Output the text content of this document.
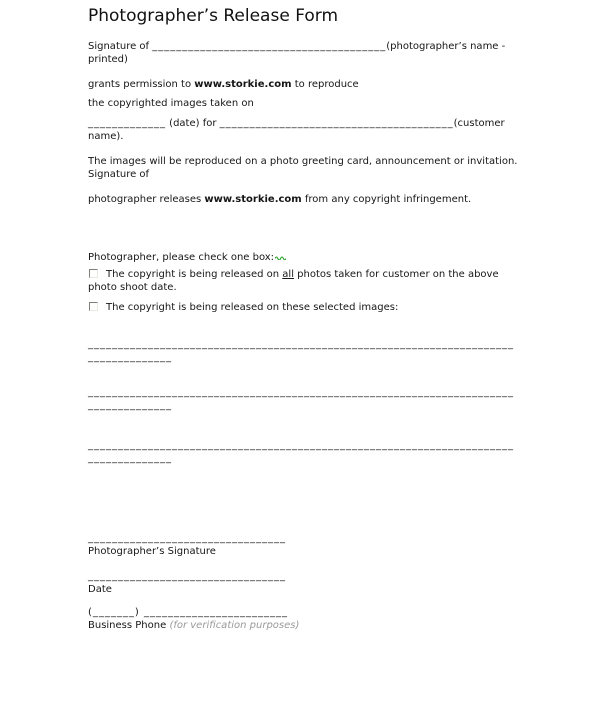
Photographer’s Release Form

Signature of _______________________________________(photographer’s name -
printed)

grants permission to www.storkie.com to reproduce

the copyrighted images taken on

_____________ (date) for _______________________________________(customer
name).

The images will be reproduced on a photo greeting card, announcement or invitation.
Signature of

photographer releases www.storkie.com from any copyright infringement.

Photographer, please check one box:

The copyright is being released on all photos taken for customer on the above
photo shoot date.

The copyright is being released on these selected images:

_______________________________________________________________________
______________

_______________________________________________________________________
______________

_______________________________________________________________________
______________

_________________________________
Photographer’s Signature

_________________________________
Date

(_______) ________________________
Business Phone (for verification purposes)
